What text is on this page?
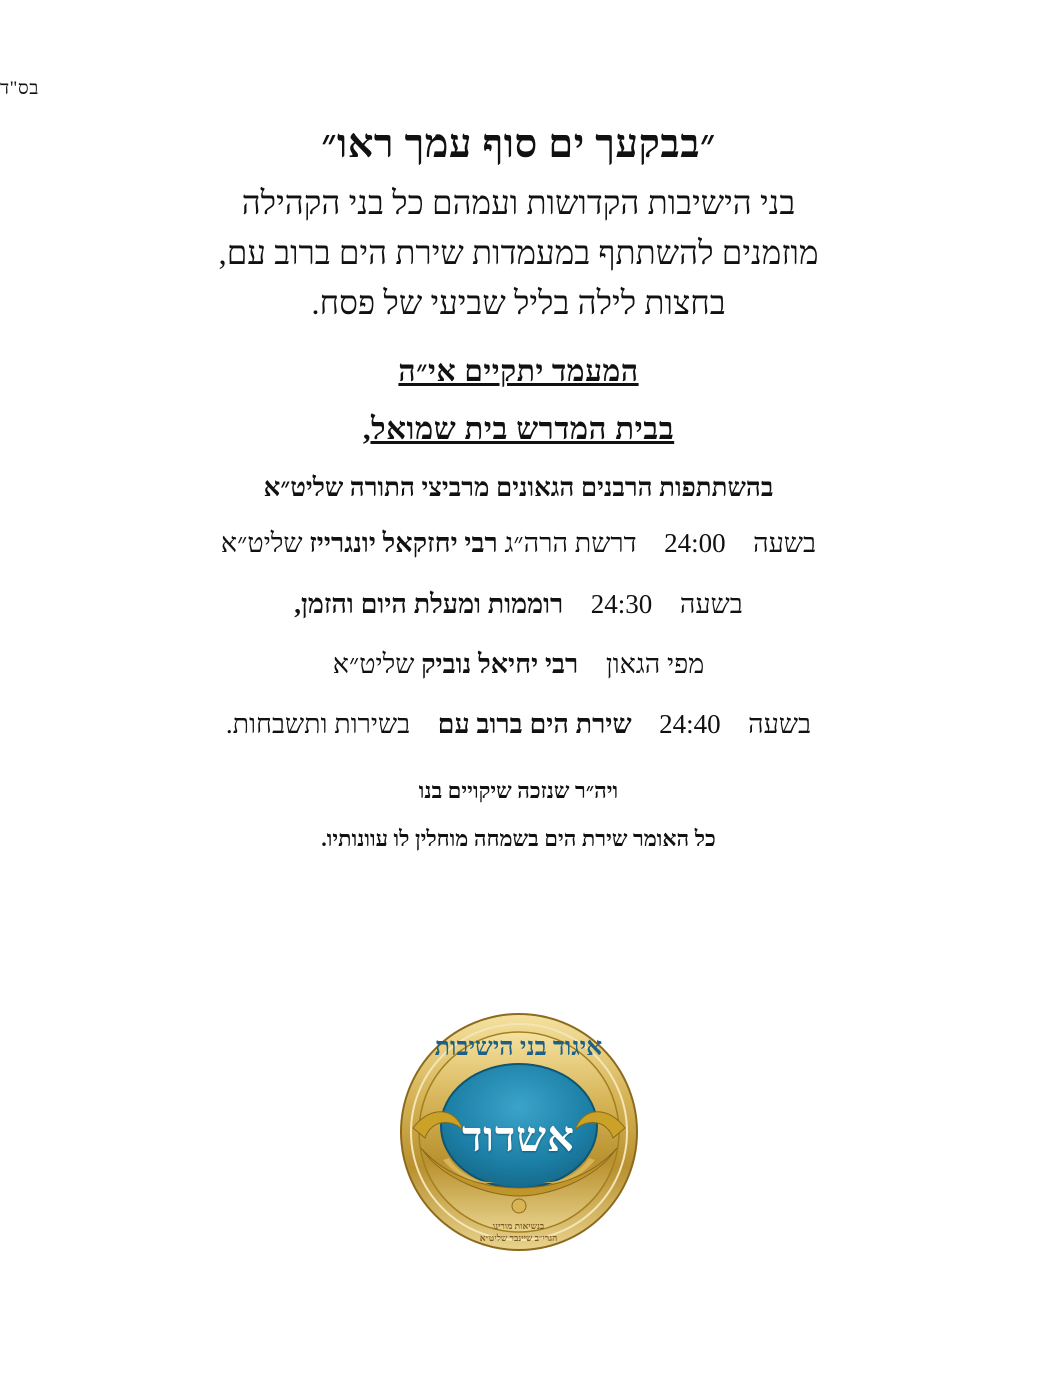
בס"ד
״בבקעך ים סוף עמך ראו״
בני הישיבות הקדושות ועמהם כל בני הקהילה
מוזמנים להשתתף במעמדות שירת הים ברוב עם,
בחצות לילה בליל שביעי של פסח.
המעמד יתקיים אי״ה
בבית המדרש בית שמואל,
בהשתתפות הרבנים הגאונים מרביצי התורה שליט״א
בשעה  24:00  דרשת הרה״ג רבי יחזקאל יונגרייז שליט״א
בשעה  24:30  רוממות ומעלת היום והזמן,
מפי הגאון  רבי יחיאל נוביק שליט״א
בשעה  24:40  שירת הים ברוב עם  בשירות ותשבחות.
ויה״ר שנזכה שיקויים בנו
כל האומר שירת הים בשמחה מוחלין לו עוונותיו.
איגוד בני הישיבות
אשדוד
בנשיאות מורינו
הגרי״ב שיינבר שליט״א
